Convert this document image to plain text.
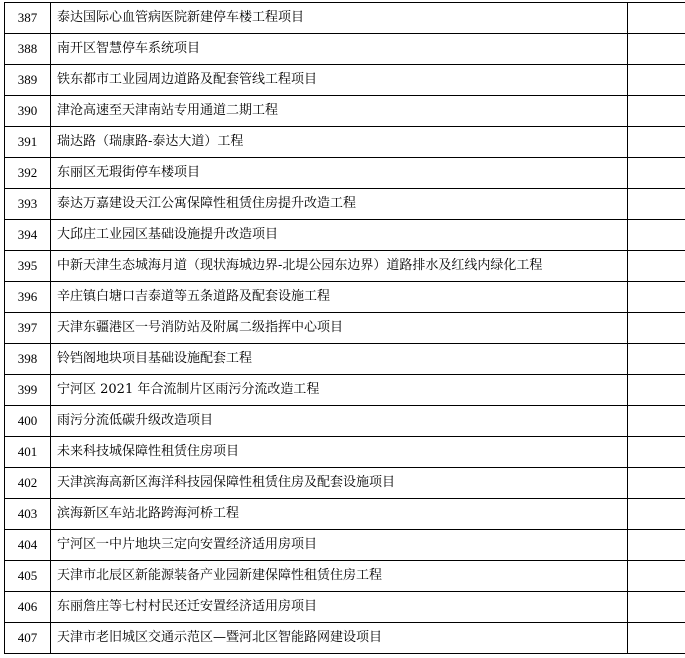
387	泰达国际心血管病医院新建停车楼工程项目	
388	南开区智慧停车系统项目	
389	铁东都市工业园周边道路及配套管线工程项目	
390	津沧高速至天津南站专用通道二期工程	
391	瑞达路（瑞康路-泰达大道）工程	
392	东丽区无瑕街停车楼项目	
393	泰达万嘉建设天江公寓保障性租赁住房提升改造工程	
394	大邱庄工业园区基础设施提升改造项目	
395	中新天津生态城海月道（现状海城边界-北堤公园东边界）道路排水及红线内绿化工程	
396	辛庄镇白塘口吉泰道等五条道路及配套设施工程	
397	天津东疆港区一号消防站及附属二级指挥中心项目	
398	铃铛阁地块项目基础设施配套工程	
399	宁河区 2021 年合流制片区雨污分流改造工程	
400	雨污分流低碳升级改造项目	
401	未来科技城保障性租赁住房项目	
402	天津滨海高新区海洋科技园保障性租赁住房及配套设施项目	
403	滨海新区车站北路跨海河桥工程	
404	宁河区一中片地块三定向安置经济适用房项目	
405	天津市北辰区新能源装备产业园新建保障性租赁住房工程	
406	东丽詹庄等七村村民还迁安置经济适用房项目	
407	天津市老旧城区交通示范区—暨河北区智能路网建设项目	
